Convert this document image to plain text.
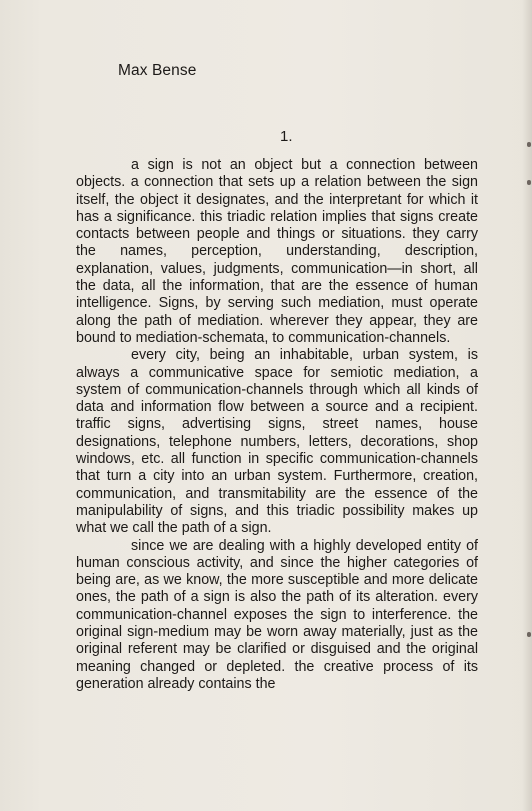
Max Bense
1.

a sign is not an object but a connection between objects. a connection that sets up a relation between the sign itself, the object it designates, and the interpretant for which it has a significance. this triadic relation implies that signs create contacts between people and things or situations. they carry the names, perception, understanding, description, explanation, values, judgments, communication—in short, all the data, all the information, that are the essence of human intelligence. Signs, by serving such mediation, must operate along the path of mediation. wherever they appear, they are bound to mediation-schemata, to communication-channels.

every city, being an inhabitable, urban system, is always a communicative space for semiotic mediation, a system of communication-channels through which all kinds of data and information flow between a source and a recipient. traffic signs, advertising signs, street names, house designations, telephone numbers, letters, decorations, shop windows, etc. all function in specific communication-channels that turn a city into an urban system. Furthermore, creation, communication, and transmitability are the essence of the manipulability of signs, and this triadic possibility makes up what we call the path of a sign.

since we are dealing with a highly developed entity of human conscious activity, and since the higher categories of being are, as we know, the more susceptible and more delicate ones, the path of a sign is also the path of its alteration. every communication-channel exposes the sign to interference. the original sign-medium may be worn away materially, just as the original referent may be clarified or disguised and the original meaning changed or depleted. the creative process of its generation already contains the
